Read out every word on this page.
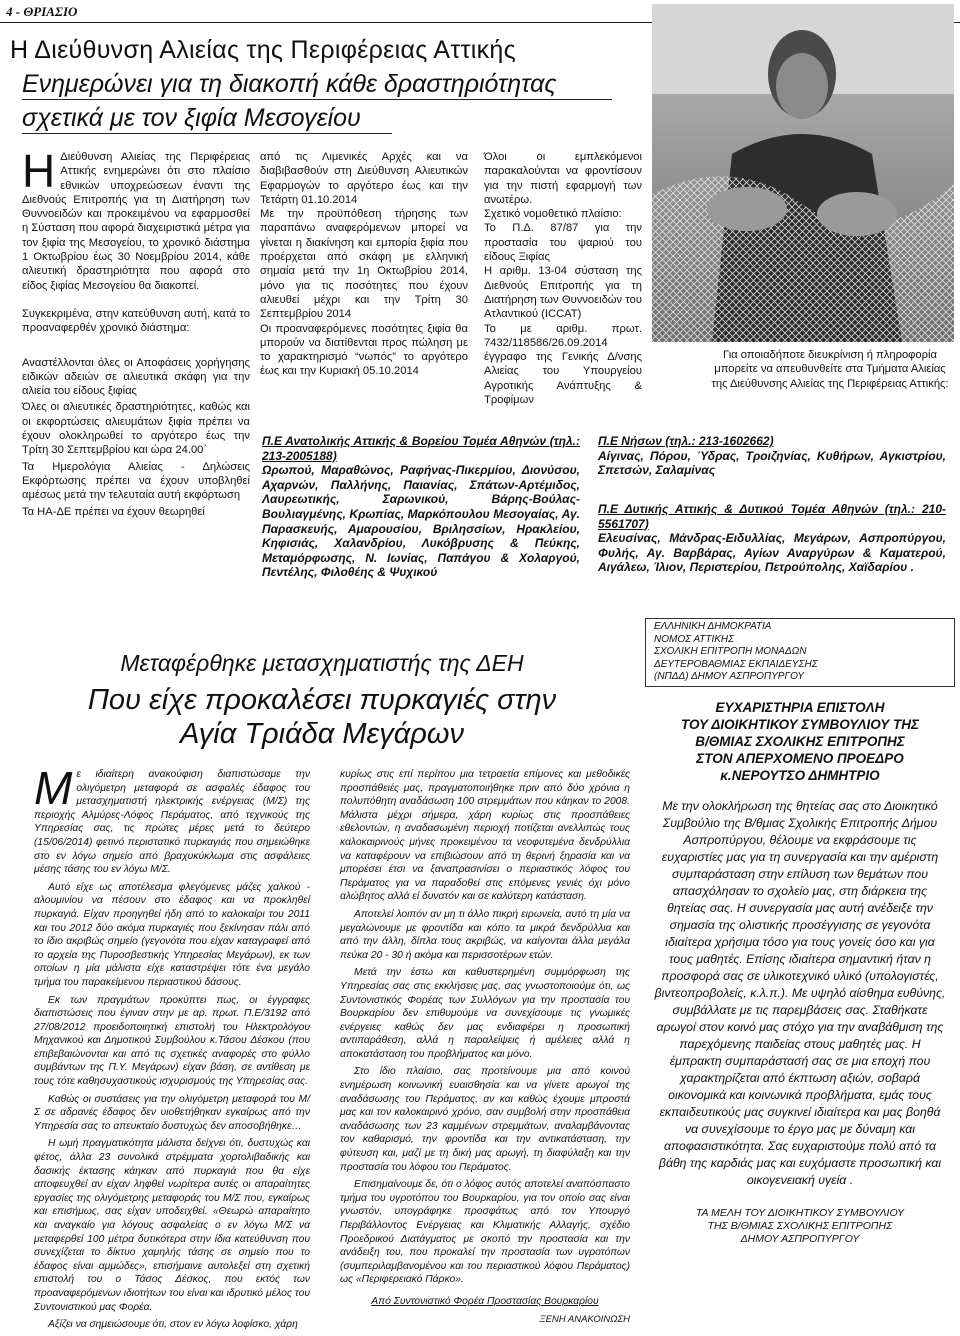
4 - ΘΡΙΑΣΙΟ
Η Διεύθυνση Αλιείας της Περιφέρειας Αττικής
Ενημερώνει για τη διακοπή κάθε δραστηριότητας
σχετικά με τον ξιφία Μεσογείου

Η Διεύθυνση Αλιείας της Περιφέρειας Αττικής ενημερώνει ότι στο πλαίσιο εθνικών υποχρεώσεων έναντι της Διεθνούς Επιτροπής για τη Διατήρηση των Θυννοειδών και προκειμένου να εφαρμοσθεί η Σύσταση που αφορά διαχειριστικά μέτρα για τον ξιφία της Μεσογείου, το χρονικό διάστημα 1 Οκτωβρίου έως 30 Νοεμβρίου 2014, κάθε αλιευτική δραστηριότητα που αφορά στο είδος ξιφίας Μεσογείου θα διακοπεί.

Συγκεκριμένα, στην κατεύθυνση αυτή, κατά το προαναφερθέν χρονικό διάστημα:

Αναστέλλονται όλες οι Αποφάσεις χορήγησης ειδικών αδειών σε αλιευτικά σκάφη για την αλιεία του είδους ξιφίας

Όλες οι αλιευτικές δραστηριότητες, καθώς και οι εκφορτώσεις αλιευμάτων ξιφία πρέπει να έχουν ολοκληρωθεί το αργότερο έως την Τρίτη 30 Σεπτεμβρίου και ώρα 24.00΄

Τα Ημερολόγια Αλιείας - Δηλώσεις Εκφόρτωσης πρέπει να έχουν υποβληθεί αμέσως μετά την τελευταία αυτή εκφόρτωση

Τα ΗΑ-ΔΕ πρέπει να έχουν θεωρηθεί

από τις Λιμενικές Αρχές και να διαβιβασθούν στη Διεύθυνση Αλιευτικών Εφαρμογών το αργότερο έως και την Τετάρτη 01.10.2014

Με την προϋπόθεση τήρησης των παραπάνω αναφερόμενων μπορεί να γίνεται η διακίνηση και εμπορία ξιφία που προέρχεται από σκάφη με ελληνική σημαία μετά την 1η Οκτωβρίου 2014, μόνο για τις ποσότητες που έχουν αλιευθεί μέχρι και την Τρίτη 30 Σεπτεμβρίου 2014

Οι προαναφερόμενες ποσότητες ξιφία θα μπορούν να διατίθενται προς πώληση με το χαρακτηρισμό “νωπός” το αργότερο έως και την Κυριακή 05.10.2014

Όλοι οι εμπλεκόμενοι παρακαλούνται να φροντίσουν για την πιστή εφαρμογή των ανωτέρω.

Σχετικό νομοθετικό πλαίσιο:

Το Π.Δ. 87/87 για την προστασία του ψαριού του είδους Ξιφίας

Η αριθμ. 13-04 σύσταση της Διεθνούς Επιτροπής για τη Διατήρηση των Θυννοειδών του Ατλαντικού (ICCAT)

Το με αριθμ. πρωτ. 7432/118586/26.09.2014 έγγραφο της Γενικής Δ/νσης Αλιείας του Υπουργείου Αγροτικής Ανάπτυξης & Τροφίμων

Για οποιαδήποτε διευκρίνιση ή πληροφορία μπορείτε να απευθυνθείτε στα Τμήματα Αλιείας της Διεύθυνσης Αλιείας της Περιφέρειας Αττικής:

Π.Ε Ανατολικής Αττικής & Βορείου Τομέα Αθηνών (τηλ.: 213-2005188)
Ωρωπού, Μαραθώνος, Ραφήνας-Πικερμίου, Διονύσου, Αχαρνών, Παλλήνης, Παιανίας, Σπάτων-Αρτέμιδος, Λαυρεωτικής, Σαρωνικού, Βάρης-Βούλας-Βουλιαγμένης, Κρωπίας, Μαρκόπουλου Μεσογαίας, Αγ. Παρασκευής, Αμαρουσίου, Βριλησσίων, Ηρακλείου, Κηφισιάς, Χαλανδρίου, Λυκόβρυσης & Πεύκης, Μεταμόρφωσης, Ν. Ιωνίας, Παπάγου & Χολαργού, Πεντέλης, Φιλοθέης & Ψυχικού
Π.Ε Νήσων (τηλ.: 213-1602662)
Αίγινας, Πόρου, Ύδρας, Τροιζηνίας, Κυθήρων, Αγκιστρίου, Σπετσών, Σαλαμίνας
Π.Ε Δυτικής Αττικής & Δυτικού Τομέα Αθηνών (τηλ.: 210-5561707)
Ελευσίνας, Μάνδρας-Ειδυλλίας, Μεγάρων, Ασπροπύργου, Φυλής, Αγ. Βαρβάρας, Αγίων Αναργύρων & Καματερού, Αιγάλεω, Ίλιον, Περιστερίου, Πετρούπολης, Χαϊδαρίου .
Μεταφέρθηκε μετασχηματιστής της ΔΕΗ
Που είχε προκαλέσει πυρκαγιές στην
Αγία Τριάδα Μεγάρων

Με ιδιαίτερη ανακούφιση διαπιστώσαμε την ολιγόμετρη μεταφορά σε ασφαλές έδαφος του μετασχηματιστή ηλεκτρικής ενέργειας (Μ/Σ) της περιοχής Αλμύρες-Λόφος Περάματος, από τεχνικούς της Υπηρεσίας σας, τις πρώτες μέρες μετά το δεύτερο (15/06/2014) φετινό περιστατικό πυρκαγιάς που σημειώθηκε στο εν λόγω σημείο από βραχυκύκλωμα στις ασφάλειες μέσης τάσης του εν λόγω Μ/Σ.

Αυτό είχε ως αποτέλεσμα φλεγόμενες μάζες χαλκού - αλουμινίου να πέσουν στο έδαφος και να προκληθεί πυρκαγιά. Είχαν προηγηθεί ήδη από το καλοκαίρι του 2011 και του 2012 δύο ακόμα πυρκαγιές που ξεκίνησαν πάλι από το ίδιο ακριβώς σημείο (γεγονότα που είχαν καταγραφεί από το αρχεία της Πυροσβεστικής Υπηρεσίας Μεγάρων), εκ των οποίων η μία μάλιστα είχε καταστρέψει τότε ένα μεγάλο τμήμα του παρακείμενου περιαστικού δάσους.

Εκ των πραγμάτων προκύπτει πως, οι έγγραφες διαπιστώσεις που έγιναν στην με αρ. πρωτ. Π.Ε/3192 από 27/08/2012 προειδοποιητική επιστολή του Ηλεκτρολόγου Μηχανικού και Δημοτικού Συμβούλου κ.Τάσου Δέσκου (που επιβεβαιώνονται και από τις σχετικές αναφορές στο φύλλο συμβάντων της Π.Υ. Μεγάρων) είχαν βάση, σε αντίθεση με τους τότε καθησυχαστικούς ισχυρισμούς της Υπηρεσίας σας.

Καθώς οι συστάσεις για την ολιγόμετρη μεταφορά του Μ/Σ σε αδρανές έδαφος δεν υιοθετήθηκαν εγκαίρως από την Υπηρεσία σας το απευκταίο δυστυχώς δεν αποσοβήθηκε…

Η ωμή πραγματικότητα μάλιστα δείχνει ότι, δυστυχώς και φέτος, άλλα 23 συνολικά στρέμματα χορτολιβαδικής και δασικής έκτασης κάηκαν από πυρκαγιά που θα είχε αποφευχθεί αν είχαν ληφθεί νωρίτερα αυτές οι απαραίτητες εργασίες της ολιγόμετρης μεταφοράς του Μ/Σ που, εγκαίρως και επισήμως, σας είχαν υποδειχθεί. «Θεωρώ απαραίτητο και αναγκαίο για λόγους ασφαλείας ο εν λόγω Μ/Σ να μεταφερθεί 100 μέτρα δυτικότερα στην ίδια κατεύθυνση που συνεχίζεται το δίκτυο χαμηλής τάσης σε σημείο που το έδαφος είναι αμμώδες», επισήμαινε αυτολεξεί στη σχετική επιστολή του ο Τάσος Δέσκος, που εκτός των προαναφερόμενων ιδιοτήτων του είναι και ιδρυτικό μέλος του Συντονιστικού μας Φορέα.

Αξίζει να σημειώσουμε ότι, στον εν λόγω λοφίσκο, χάρη

κυρίως στις επί περίπου μια τετραετία επίμονες και μεθοδικές προσπάθειές μας, πραγματοποιήθηκε πριν από δύο χρόνια η πολυπόθητη αναδάσωση 100 στρεμμάτων που κάηκαν το 2008. Μάλιστα μέχρι σήμερα, χάρη κυρίως στις προσπάθειες εθελοντών, η αναδασωμένη περιοχή ποτίζεται ανελλιπώς τους καλοκαιρινούς μήνες προκειμένου τα νεοφυτεμένα δενδρύλλια να καταφέρουν να επιβιώσουν από τη θερινή ξηρασία και να μπορέσει έτσι να ξαναπρασινίσει ο περιαστικός λόφος του Περάματος για να παραδοθεί στις επόμενες γενιές όχι μόνο αλώβητος αλλά εί δυνατόν και σε καλύτερη κατάσταση.

Αποτελεί λοιπόν αν μη τι άλλο πικρή ειρωνεία, αυτό τη μία να μεγαλώνουμε με φροντίδα και κόπο τα μικρά δενδρύλλια και από την άλλη, δίπλα τους ακριβώς, να καίγονται άλλα μεγάλα πεύκα 20 - 30 ή ακόμα και περισσοτέρων ετών.

Μετά την έστω και καθυστερημένη συμμόρφωση της Υπηρεσίας σας στις εκκλήσεις μας, σας γνωστοποιούμε ότι, ως Συντονιστικός Φορέας των Συλλόγων για την προστασία του Βουρκαρίου δεν επιθυμούμε να συνεχίσουμε τις γνωμικές ενέργειες καθώς δεν μας ενδιαφέρει η προσωπική αντιπαράθεση, αλλά η παραλείψεις ή αμέλειες αλλά η αποκατάσταση του προβλήματος και μόνο.

Στο ίδιο πλαίσιο, σας προτείνουμε μια από κοινού ενημέρωση κοινωνική ευαισθησία και να γίνετε αρωγοί της αναδάσωσης του Περάματος, αν και καθώς έχουμε μπροστά μας και τον καλοκαιρινό χρόνο, σαν συμβολή στην προσπάθεια αναδάσωσης των 23 καμμένων στρεμμάτων, αναλαμβάνοντας τον καθαρισμό, την φροντίδα και την αντικατάσταση, την φύτευση και, μαζί με τη δική μας αρωγή, τη διαφύλαξη και την προστασία του λόφου του Περάματος.

Επισημαίνουμε δε, ότι ο λόφος αυτός αποτελεί αναπόσπαστο τμήμα του υγροτόπου του Βουρκαρίου, για τον οποίο σας είναι γνωστόν, υπογράφηκε προσφάτως από τον Υπουργό Περιβάλλοντος Ενέργειας και Κλιματικής Αλλαγής, σχέδιο Προεδρικού Διατάγματος με σκοπό την προστασία και την ανάδειξη του, που προκαλεί την προστασία των υγροτόπων (συμπεριλαμβανομένου και του περιαστικού λόφου Περάματος) ως «Περιφερειακό Πάρκο».

Από Συντονιστικό Φορέα Προστασίας Βουρκαρίου

ΞΕΝΗ ΑΝΑΚΟΙΝΩΣΗ

ΕΛΛΗΝΙΚΗ ΔΗΜΟΚΡΑΤΙΑ
ΝΟΜΟΣ ΑΤΤΙΚΗΣ
ΣΧΟΛΙΚΗ ΕΠΙΤΡΟΠΗ ΜΟΝΑΔΩΝ
ΔΕΥΤΕΡΟΒΑΘΜΙΑΣ ΕΚΠΑΙΔΕΥΣΗΣ
(ΝΠΔΔ) ΔΗΜΟΥ ΑΣΠΡΟΠΥΡΓΟΥ
ΕΥΧΑΡΙΣΤΗΡΙΑ ΕΠΙΣΤΟΛΗ
ΤΟΥ ΔΙΟΙΚΗΤΙΚΟΥ ΣΥΜΒΟΥΛΙΟΥ ΤΗΣ
Β/ΘΜΙΑΣ ΣΧΟΛΙΚΗΣ ΕΠΙΤΡΟΠΗΣ
ΣΤΟΝ ΑΠΕΡΧΟΜΕΝΟ ΠΡΟΕΔΡΟ
κ.ΝΕΡΟΥΤΣΟ ΔΗΜΗΤΡΙΟ
Με την ολοκλήρωση της θητείας σας στο Διοικητικό Συμβούλιο της Β/θμιας Σχολικής Επιτροπής Δήμου Ασπροπύργου, θέλουμε να εκφράσουμε τις ευχαριστίες μας για τη συνεργασία και την αμέριστη συμπαράσταση στην επίλυση των θεμάτων που απασχόλησαν το σχολείο μας, στη διάρκεια της θητείας σας. Η συνεργασία μας αυτή ανέδειξε την σημασία της ολιστικής προσέγγισης σε γεγονότα ιδιαίτερα χρήσιμα τόσο για τους γονείς όσο και για τους μαθητές. Επίσης ιδιαίτερα σημαντική ήταν η προσφορά σας σε υλικοτεχνικό υλικό (υπολογιστές, βιντεοπροβολείς, κ.λ.π.). Με υψηλό αίσθημα ευθύνης, συμβάλλατε με τις παρεμβάσεις σας. Σταθήκατε αρωγοί στον κοινό μας στόχο για την αναβάθμιση της παρεχόμενης παιδείας στους μαθητές μας. Η έμπρακτη συμπαράστασή σας σε μια εποχή που χαρακτηρίζεται από έκπτωση αξιών, σοβαρά οικονομικά και κοινωνικά προβλήματα, εμάς τους εκπαιδευτικούς μας συγκινεί ιδιαίτερα και μας βοηθά να συνεχίσουμε το έργο μας με δύναμη και αποφασιστικότητα. Σας ευχαριστούμε πολύ από τα βάθη της καρδιάς μας και ευχόμαστε προσωπική και οικογενειακή υγεία .
ΤΑ ΜΕΛΗ ΤΟΥ ΔΙΟΙΚΗΤΙΚΟΥ ΣΥΜΒΟΥΛΙΟΥ
ΤΗΣ Β/ΘΜΙΑΣ ΣΧΟΛΙΚΗΣ ΕΠΙΤΡΟΠΗΣ
ΔΗΜΟΥ ΑΣΠΡΟΠΥΡΓΟΥ
